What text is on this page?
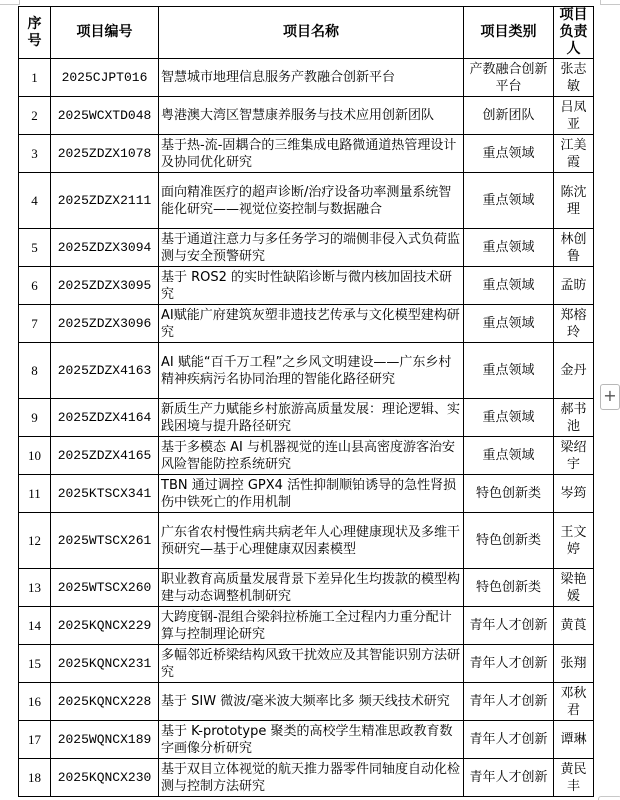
序号	项目编号	项目名称	项目类别	项目负责人
1	2025CJPT016	智慧城市地理信息服务产教融合创新平台	产教融合创新平台	张志敏
2	2025WCXTD048	粤港澳大湾区智慧康养服务与技术应用创新团队	创新团队	吕凤亚
3	2025ZDZX1078	基于热-流-固耦合的三维集成电路微通道热管理设计及协同优化研究	重点领域	江美霞
4	2025ZDZX2111	面向精准医疗的超声诊断/治疗设备功率测量系统智能化研究——视觉位姿控制与数据融合	重点领域	陈沈理
5	2025ZDZX3094	基于通道注意力与多任务学习的端侧非侵入式负荷监测与安全预警研究	重点领域	林创鲁
6	2025ZDZX3095	基于 ROS2 的实时性缺陷诊断与微内核加固技术研究	重点领域	孟昉
7	2025ZDZX3096	AI赋能广府建筑灰塑非遗技艺传承与文化模型建构研究	重点领域	郑榕玲
8	2025ZDZX4163	AI 赋能“百千万工程”之乡风文明建设——广东乡村精神疾病污名协同治理的智能化路径研究	重点领域	金丹
9	2025ZDZX4164	新质生产力赋能乡村旅游高质量发展：理论逻辑、实践困境与提升路径研究	重点领域	郝书池
10	2025ZDZX4165	基于多模态 AI 与机器视觉的连山县高密度游客治安风险智能防控系统研究	重点领域	梁绍宇
11	2025KTSCX341	TBN 通过调控 GPX4 活性抑制顺铂诱导的急性肾损伤中铁死亡的作用机制	特色创新类	岑筠
12	2025WTSCX261	广东省农村慢性病共病老年人心理健康现状及多维干预研究—基于心理健康双因素模型	特色创新类	王文婷
13	2025WTSCX260	职业教育高质量发展背景下差异化生均拨款的模型构建与动态调整机制研究	特色创新类	梁艳媛
14	2025KQNCX229	大跨度钢-混组合梁斜拉桥施工全过程内力重分配计算与控制理论研究	青年人才创新	黄莨
15	2025KQNCX231	多幅邻近桥梁结构风致干扰效应及其智能识别方法研究	青年人才创新	张翔
16	2025KQNCX228	基于 SIW 微波/毫米波大频率比多 频天线技术研究	青年人才创新	邓秋君
17	2025WQNCX189	基于 K-prototype 聚类的高校学生精准思政教育数字画像分析研究	青年人才创新	谭琳
18	2025KQNCX230	基于双目立体视觉的航天推力器零件同轴度自动化检测与控制方法研究	青年人才创新	黄民丰
+
